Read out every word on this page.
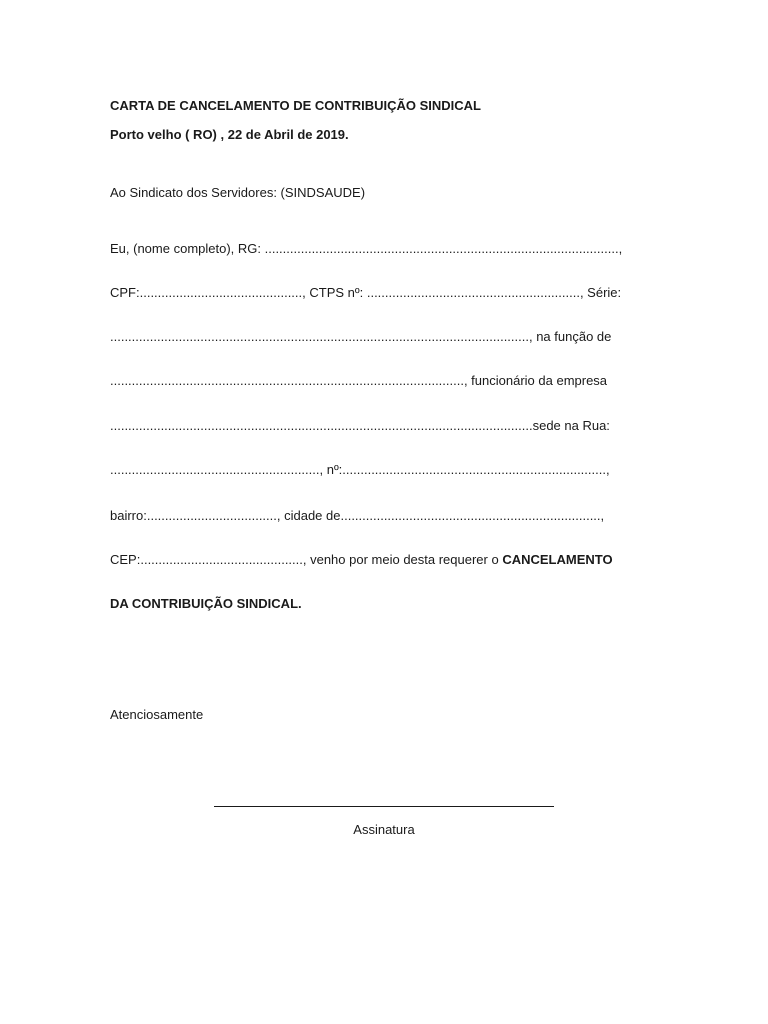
CARTA DE CANCELAMENTO DE CONTRIBUIÇÃO SINDICAL
Porto velho ( RO) , 22 de Abril de 2019.
Ao Sindicato dos Servidores: (SINDSAUDE)
Eu, (nome completo), RG: ..................................................................................................,
CPF:............................................., CTPS nº: ..........................................................., Série:
...................................................................................................................., na função de
.................................................................................................., funcionário da empresa
.....................................................................................................................sede na Rua:
.........................................................., nº:.........................................................................,
bairro:...................................., cidade de........................................................................,
CEP:............................................., venho por meio desta requerer o CANCELAMENTO
DA CONTRIBUIÇÃO SINDICAL.
Atenciosamente
Assinatura
